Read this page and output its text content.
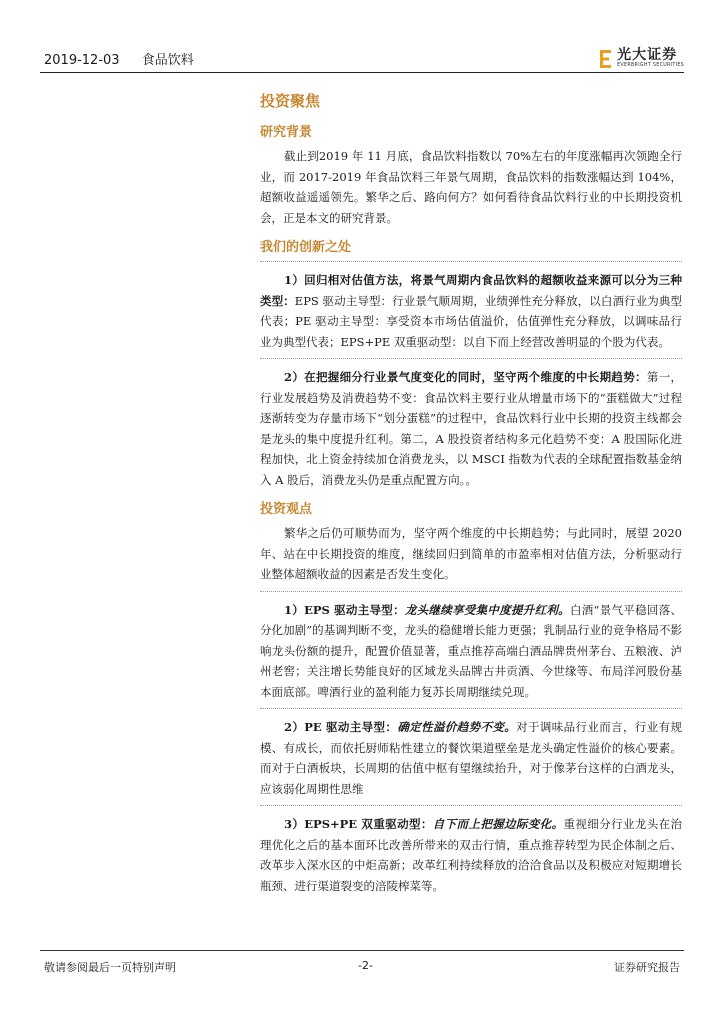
2019-12-03 食品饮料	光大证券
EVERBRIGHT SECURITIES
投资聚焦
研究背景

截止到2019 年 11 月底，食品饮料指数以 70%左右的年度涨幅再次领跑全行业，而 2017-2019 年食品饮料三年景气周期，食品饮料的指数涨幅达到 104%，超额收益遥遥领先。繁华之后、路向何方？如何看待食品饮料行业的中长期投资机会，正是本文的研究背景。

我们的创新之处

1）回归相对估值方法，将景气周期内食品饮料的超额收益来源可以分为三种类型：EPS 驱动主导型：行业景气顺周期，业绩弹性充分释放，以白酒行业为典型代表；PE 驱动主导型：享受资本市场估值溢价，估值弹性充分释放，以调味品行业为典型代表；EPS+PE 双重驱动型：以自下而上经营改善明显的个股为代表。

2）在把握细分行业景气度变化的同时，坚守两个维度的中长期趋势：第一，行业发展趋势及消费趋势不变：食品饮料主要行业从增量市场下的“蛋糕做大”过程逐渐转变为存量市场下“划分蛋糕”的过程中，食品饮料行业中长期的投资主线都会是龙头的集中度提升红利。第二，A 股投资者结构多元化趋势不变：A 股国际化进程加快，北上资金持续加仓消费龙头，以 MSCI 指数为代表的全球配置指数基金纳入 A 股后，消费龙头仍是重点配置方向。。

投资观点

繁华之后仍可顺势而为，坚守两个维度的中长期趋势；与此同时，展望 2020 年、站在中长期投资的维度，继续回归到简单的市盈率相对估值方法，分析驱动行业整体超额收益的因素是否发生变化。

1）EPS 驱动主导型：龙头继续享受集中度提升红利。白酒“景气平稳回落、分化加剧”的基调判断不变，龙头的稳健增长能力更强；乳制品行业的竞争格局不影响龙头份额的提升，配置价值显著，重点推荐高端白酒品牌贵州茅台、五粮液、泸州老窖；关注增长势能良好的区域龙头品牌古井贡酒、今世缘等、布局洋河股份基本面底部。啤酒行业的盈利能力复苏长周期继续兑现。

2）PE 驱动主导型：确定性溢价趋势不变。对于调味品行业而言，行业有规模、有成长，而依托厨师粘性建立的餐饮渠道壁垒是龙头确定性溢价的核心要素。而对于白酒板块，长周期的估值中枢有望继续抬升，对于像茅台这样的白酒龙头，应该弱化周期性思维

3）EPS+PE 双重驱动型：自下而上把握边际变化。重视细分行业龙头在治理优化之后的基本面环比改善所带来的双击行情，重点推荐转型为民企体制之后、改革步入深水区的中炬高新；改革红利持续释放的洽洽食品以及积极应对短期增长瓶颈、进行渠道裂变的涪陵榨菜等。

敬请参阅最后一页特别声明	-2-	证券研究报告
